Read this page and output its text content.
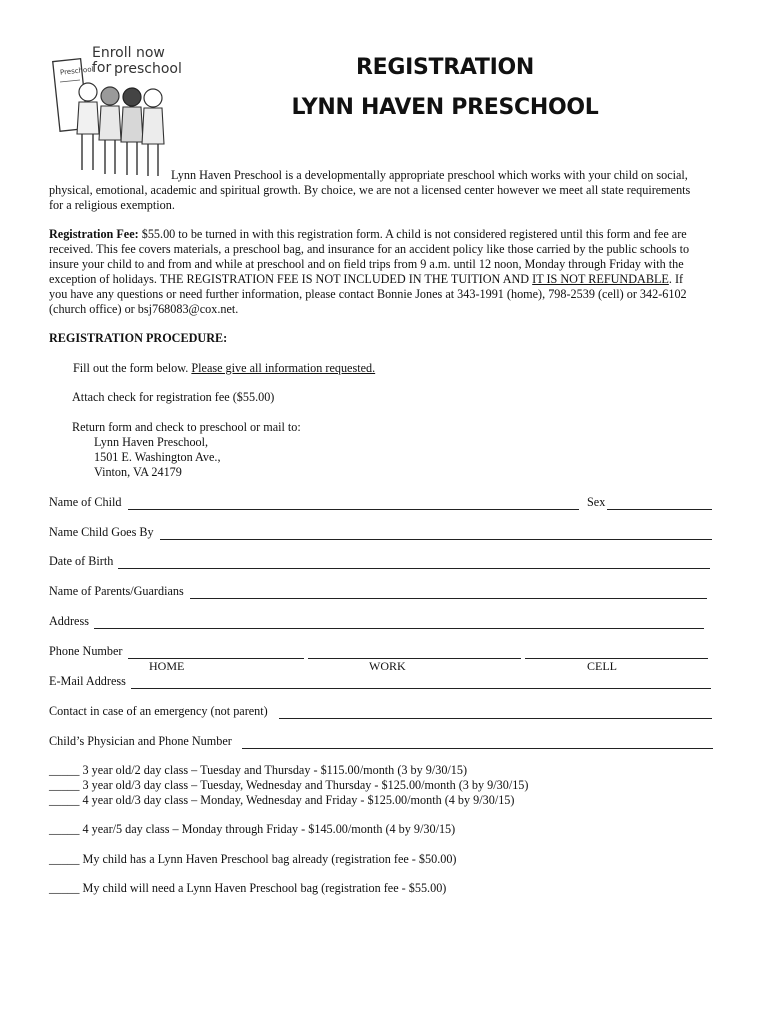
Enroll now for preschool
Preschool	REGISTRATION
LYNN HAVEN PRESCHOOL
Lynn Haven Preschool is a developmentally appropriate preschool which works with your child on social,
physical, emotional, academic and spiritual growth. By choice, we are not a licensed center however we meet all state requirements
for a religious exemption.
Registration Fee: $55.00 to be turned in with this registration form. A child is not considered registered until this form and fee are
received. This fee covers materials, a preschool bag, and insurance for an accident policy like those carried by the public schools to
insure your child to and from and while at preschool and on field trips from 9 a.m. until 12 noon, Monday through Friday with the
exception of holidays. THE REGISTRATION FEE IS NOT INCLUDED IN THE TUITION AND IT IS NOT REFUNDABLE. If
you have any questions or need further information, please contact Bonnie Jones at 343-1991 (home), 798-2539 (cell) or 342-6102
(church office) or bsj768083@cox.net.
REGISTRATION PROCEDURE:
Fill out the form below. Please give all information requested.
Attach check for registration fee ($55.00)
Return form and check to preschool or mail to:
Lynn Haven Preschool,
1501 E. Washington Ave.,
Vinton, VA 24179
Name of Child	Sex
Name Child Goes By
Date of Birth
Name of Parents/Guardians
Address
Phone Number
HOME	WORK	CELL
E-Mail Address
Contact in case of an emergency (not parent)
Child’s Physician and Phone Number
_____ 3 year old/2 day class – Tuesday and Thursday - $115.00/month (3 by 9/30/15)
_____ 3 year old/3 day class – Tuesday, Wednesday and Thursday - $125.00/month (3 by 9/30/15)
_____ 4 year old/3 day class – Monday, Wednesday and Friday - $125.00/month (4 by 9/30/15)
_____ 4 year/5 day class – Monday through Friday - $145.00/month (4 by 9/30/15)
_____ My child has a Lynn Haven Preschool bag already (registration fee - $50.00)
_____ My child will need a Lynn Haven Preschool bag (registration fee - $55.00)
